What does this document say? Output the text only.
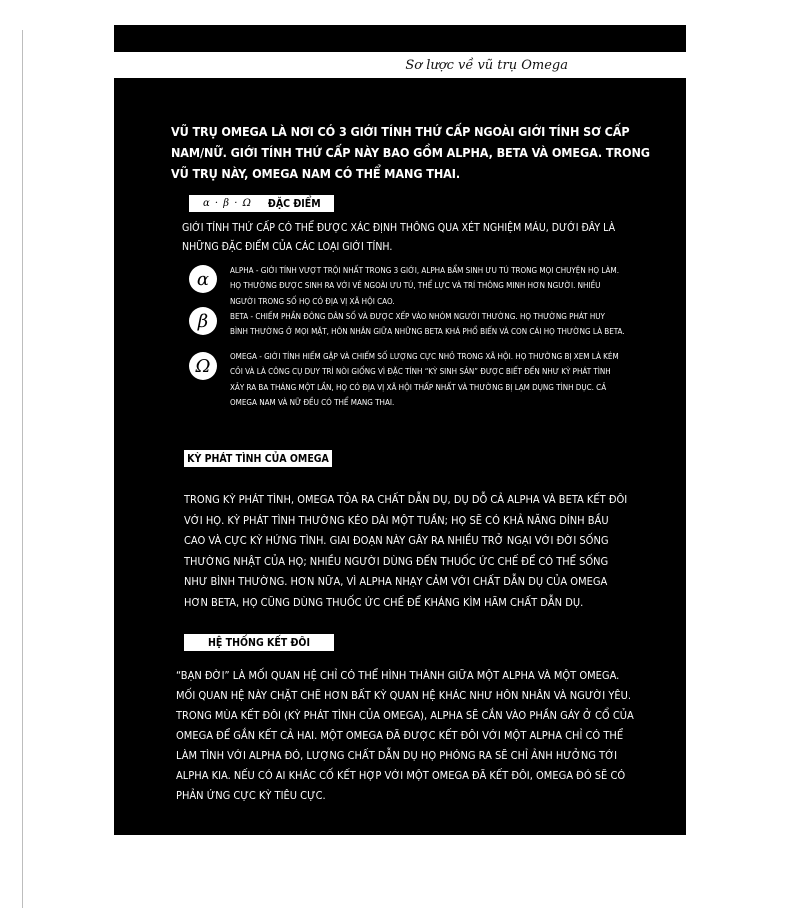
Sơ lược về vũ trụ Omega

VŨ TRỤ OMEGA LÀ NƠI CÓ 3 GIỚI TÍNH THỨ CẤP NGOÀI GIỚI TÍNH SƠ CẤP NAM/NỮ. GIỚI TÍNH THỨ CẤP NÀY BAO GỒM ALPHA, BETA VÀ OMEGA. TRONG VŨ TRỤ NÀY, OMEGA NAM CÓ THỂ MANG THAI.

α · β · Ω ĐẶC ĐIỂM

GIỚI TÍNH THỨ CẤP CÓ THỂ ĐƯỢC XÁC ĐỊNH THÔNG QUA XÉT NGHIỆM MÁU, DƯỚI ĐÂY LÀ NHỮNG ĐẶC ĐIỂM CỦA CÁC LOẠI GIỚI TÍNH.

α	ALPHA - GIỚI TÍNH VƯỢT TRỘI NHẤT TRONG 3 GIỚI, ALPHA BẨM SINH ƯU TÚ TRONG MỌI CHUYỆN HỌ LÀM. HỌ THƯỜNG ĐƯỢC SINH RA VỚI VẺ NGOÀI ƯU TÚ, THỂ LỰC VÀ TRÍ THÔNG MINH HƠN NGƯỜI. NHIỀU NGƯỜI TRONG SỐ HỌ CÓ ĐỊA VỊ XÃ HỘI CAO.

β	BETA - CHIẾM PHẦN ĐÔNG DÂN SỐ VÀ ĐƯỢC XẾP VÀO NHÓM NGƯỜI THƯỜNG. HỌ THƯỜNG PHÁT HUY BÌNH THƯỜNG Ở MỌI MẶT, HÔN NHÂN GIỮA NHỮNG BETA KHÁ PHỔ BIẾN VÀ CON CÁI HỌ THƯỜNG LÀ BETA.

Ω	OMEGA - GIỚI TÍNH HIẾM GẶP VÀ CHIẾM SỐ LƯỢNG CỰC NHỎ TRONG XÃ HỘI. HỌ THƯỜNG BỊ XEM LÀ KÉM CỎI VÀ LÀ CÔNG CỤ DUY TRÌ NÒI GIỐNG VÌ ĐẶC TÍNH “KỲ SINH SẢN” ĐƯỢC BIẾT ĐẾN NHƯ KỲ PHÁT TÌNH XẢY RA BA THÁNG MỘT LẦN, HỌ CÓ ĐỊA VỊ XÃ HỘI THẤP NHẤT VÀ THƯỜNG BỊ LẠM DỤNG TÌNH DỤC. CẢ OMEGA NAM VÀ NỮ ĐỀU CÓ THỂ MANG THAI.

KỲ PHÁT TÌNH CỦA OMEGA

TRONG KỲ PHÁT TÌNH, OMEGA TỎA RA CHẤT DẪN DỤ, DỤ DỖ CẢ ALPHA VÀ BETA KẾT ĐÔI VỚI HỌ. KỲ PHÁT TÌNH THƯỜNG KÉO DÀI MỘT TUẦN; HỌ SẼ CÓ KHẢ NĂNG DÍNH BẦU CAO VÀ CỰC KỲ HỨNG TÌNH. GIAI ĐOẠN NÀY GÂY RA NHIỀU TRỞ NGẠI VỚI ĐỜI SỐNG THƯỜNG NHẬT CỦA HỌ; NHIỀU NGƯỜI DÙNG ĐẾN THUỐC ỨC CHẾ ĐỂ CÓ THỂ SỐNG NHƯ BÌNH THƯỜNG. HƠN NỮA, VÌ ALPHA NHẠY CẢM VỚI CHẤT DẪN DỤ CỦA OMEGA HƠN BETA, HỌ CŨNG DÙNG THUỐC ỨC CHẾ ĐỂ KHÁNG KÌM HÃM CHẤT DẪN DỤ.

HỆ THỐNG KẾT ĐÔI

“BẠN ĐỜI” LÀ MỐI QUAN HỆ CHỈ CÓ THỂ HÌNH THÀNH GIỮA MỘT ALPHA VÀ MỘT OMEGA. MỐI QUAN HỆ NÀY CHẶT CHẼ HƠN BẤT KỲ QUAN HỆ KHÁC NHƯ HÔN NHÂN VÀ NGƯỜI YÊU. TRONG MÙA KẾT ĐÔI (KỲ PHÁT TÌNH CỦA OMEGA), ALPHA SẼ CẮN VÀO PHẦN GÁY Ở CỔ CỦA OMEGA ĐỂ GẮN KẾT CẢ HAI. MỘT OMEGA ĐÃ ĐƯỢC KẾT ĐÔI VỚI MỘT ALPHA CHỈ CÓ THỂ LÀM TÌNH VỚI ALPHA ĐÓ, LƯỢNG CHẤT DẪN DỤ HỌ PHÓNG RA SẼ CHỈ ẢNH HƯỞNG TỚI ALPHA KIA. NẾU CÓ AI KHÁC CỐ KẾT HỢP VỚI MỘT OMEGA ĐÃ KẾT ĐÔI, OMEGA ĐÓ SẼ CÓ PHẢN ỨNG CỰC KỲ TIÊU CỰC.
